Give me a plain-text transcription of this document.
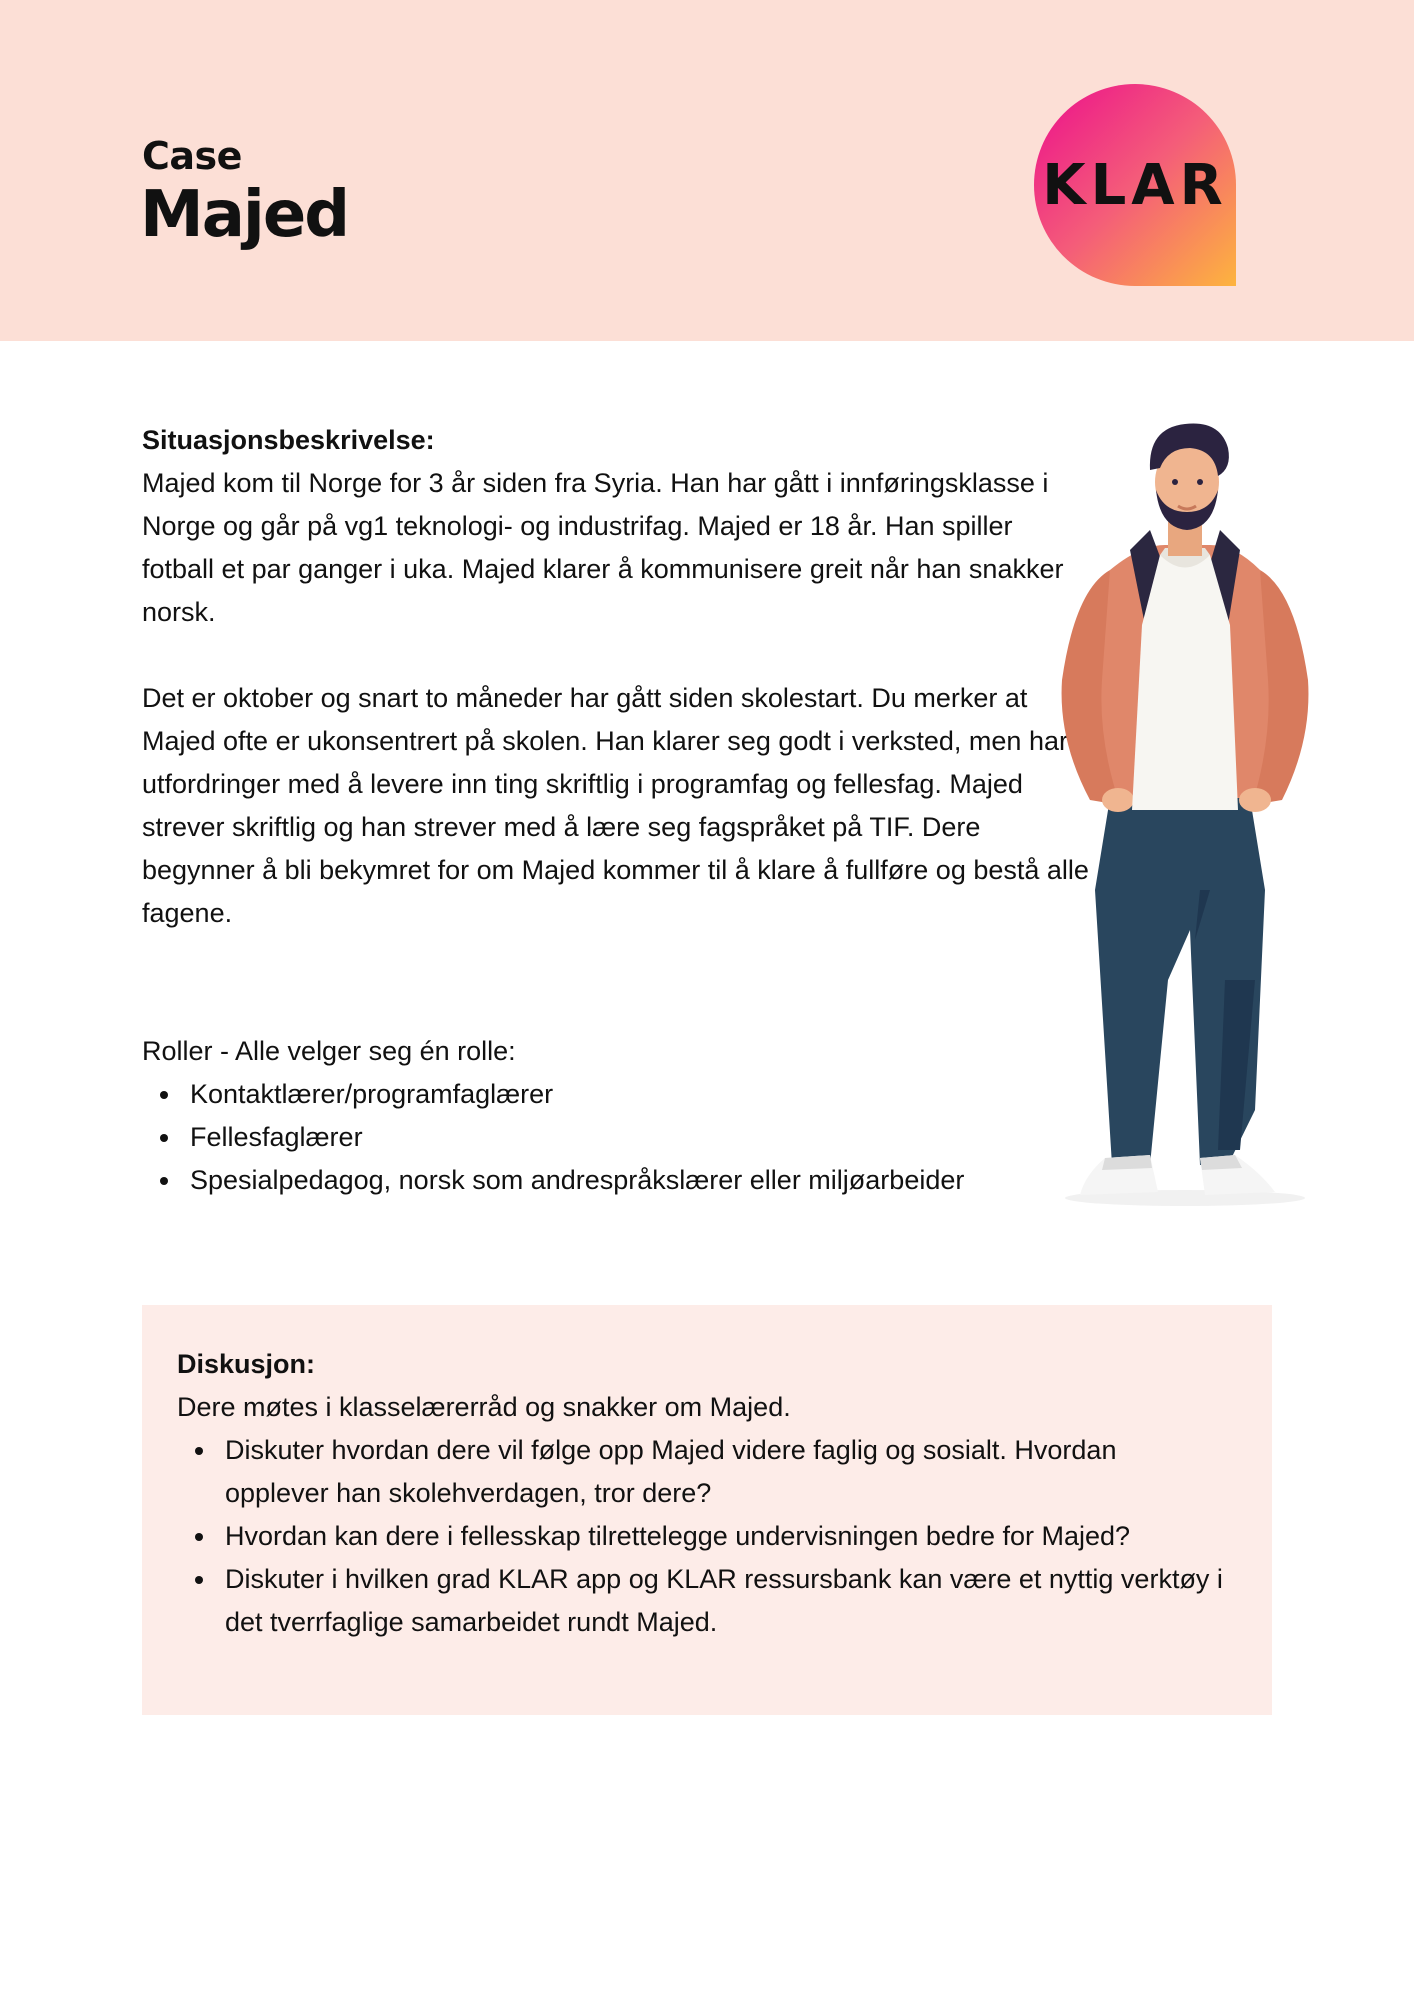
Case
Majed	KLAR

Situasjonsbeskrivelse:
Majed kom til Norge for 3 år siden fra Syria. Han har gått i innføringsklasse i Norge og går på vg1 teknologi- og industrifag. Majed er 18 år. Han spiller fotball et par ganger i uka. Majed klarer å kommunisere greit når han snakker norsk.

Det er oktober og snart to måneder har gått siden skolestart. Du merker at Majed ofte er ukonsentrert på skolen. Han klarer seg godt i verksted, men har utfordringer med å levere inn ting skriftlig i programfag og fellesfag. Majed strever skriftlig og han strever med å lære seg fagspråket på TIF. Dere begynner å bli bekymret for om Majed kommer til å klare å fullføre og bestå alle fagene.

Roller - Alle velger seg én rolle:

Kontaktlærer/programfaglærer
Fellesfaglærer
Spesialpedagog, norsk som andrespråkslærer eller miljøarbeider

Diskusjon:

Dere møtes i klasselærerråd og snakker om Majed.

Diskuter hvordan dere vil følge opp Majed videre faglig og sosialt. Hvordan opplever han skolehverdagen, tror dere?
Hvordan kan dere i fellesskap tilrettelegge undervisningen bedre for Majed?
Diskuter i hvilken grad KLAR app og KLAR ressursbank kan være et nyttig verktøy i det tverrfaglige samarbeidet rundt Majed.
